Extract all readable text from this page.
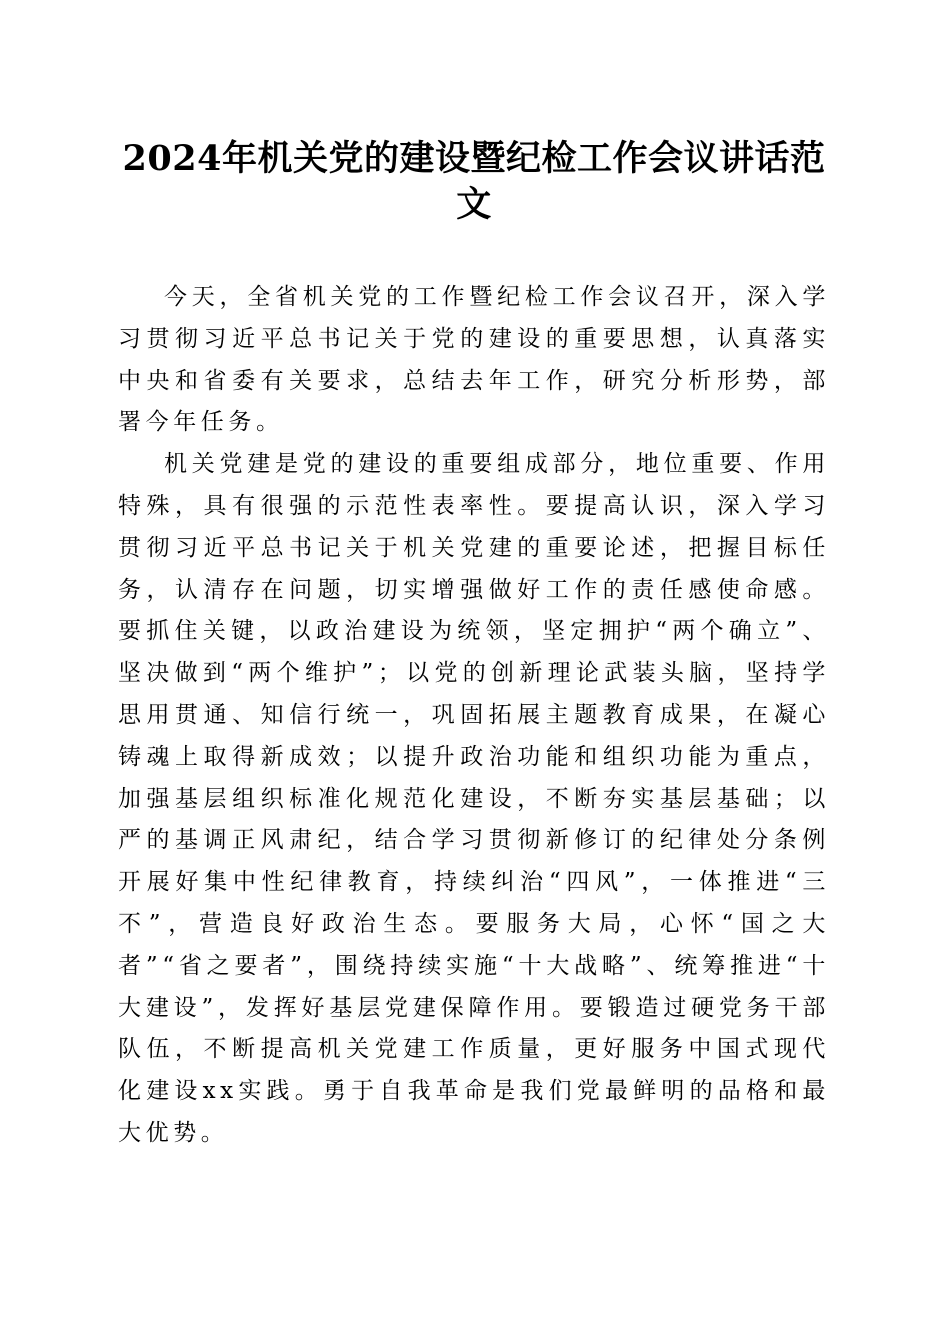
2024年机关党的建设暨纪检工作会议讲话范文

今天，全省机关党的工作暨纪检工作会议召开，深入学习贯彻习近平总书记关于党的建设的重要思想，认真落实中央和省委有关要求，总结去年工作，研究分析形势，部署今年任务。

机关党建是党的建设的重要组成部分，地位重要、作用特殊，具有很强的示范性表率性。要提高认识，深入学习贯彻习近平总书记关于机关党建的重要论述，把握目标任务，认清存在问题，切实增强做好工作的责任感使命感。要抓住关键，以政治建设为统领，坚定拥护“两个确立”、坚决做到“两个维护”；以党的创新理论武装头脑，坚持学思用贯通、知信行统一，巩固拓展主题教育成果，在凝心铸魂上取得新成效；以提升政治功能和组织功能为重点，加强基层组织标准化规范化建设，不断夯实基层基础；以严的基调正风肃纪，结合学习贯彻新修订的纪律处分条例开展好集中性纪律教育，持续纠治“四风”，一体推进“三不”，营造良好政治生态。要服务大局，心怀“国之大者”“省之要者”，围绕持续实施“十大战略”、统筹推进“十大建设”，发挥好基层党建保障作用。要锻造过硬党务干部队伍，不断提高机关党建工作质量，更好服务中国式现代化建设xx实践。勇于自我革命是我们党最鲜明的品格和最大优势。
